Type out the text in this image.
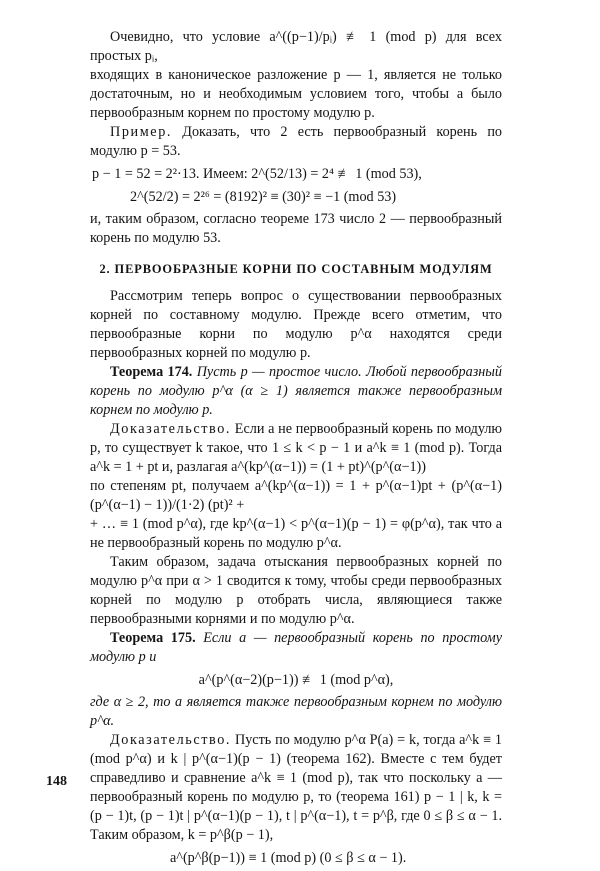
Очевидно, что условие a^((p−1)/pᵢ) ≢ 1 (mod p) для всех простых pᵢ,

входящих в каноническое разложение p — 1, является не только достаточным, но и необходимым условием того, чтобы a было первообразным корнем по простому модулю p.

Пример. Доказать, что 2 есть первообразный корень по модулю p = 53.

p − 1 = 52 = 2²·13. Имеем: 2^(52/13) = 2⁴ ≢ 1 (mod 53),
2^(52/2) = 2²⁶ = (8192)² ≡ (30)² ≡ −1 (mod 53)

и, таким образом, согласно теореме 173 число 2 — первообразный корень по модулю 53.

2. ПЕРВООБРАЗНЫЕ КОРНИ ПО СОСТАВНЫМ МОДУЛЯМ

Рассмотрим теперь вопрос о существовании первообразных корней по составному модулю. Прежде всего отметим, что первообразные корни по модулю p^α находятся среди первообразных корней по модулю p.

Теорема 174. Пусть p — простое число. Любой первообразный корень по модулю p^α (α ≥ 1) является также первообразным корнем по модулю p.

Доказательство. Если a не первообразный корень по модулю p, то существует k такое, что 1 ≤ k < p − 1 и a^k ≡ 1 (mod p). Тогда a^k = 1 + pt и, разлагая a^(kp^(α−1)) = (1 + pt)^(p^(α−1))

по степеням pt, получаем a^(kp^(α−1)) = 1 + p^(α−1)pt + (p^(α−1)(p^(α−1) − 1))/(1·2) (pt)² +

+ … ≡ 1 (mod p^α), где kp^(α−1) < p^(α−1)(p − 1) = φ(p^α), так что a не первообразный корень по модулю p^α.

Таким образом, задача отыскания первообразных корней по модулю p^α при α > 1 сводится к тому, чтобы среди первообразных корней по модулю p отобрать числа, являющиеся также первообразными корнями и по модулю p^α.

Теорема 175. Если a — первообразный корень по простому модулю p и

a^(p^(α−2)(p−1)) ≢ 1 (mod p^α),

где α ≥ 2, то a является также первообразным корнем по модулю p^α.

Доказательство. Пусть по модулю p^α P(a) = k, тогда a^k ≡ 1 (mod p^α) и k | p^(α−1)(p − 1) (теорема 162). Вместе с тем будет справедливо и сравнение a^k ≡ 1 (mod p), так что поскольку a — первообразный корень по модулю p, то (теорема 161) p − 1 | k, k = (p − 1)t, (p − 1)t | p^(α−1)(p − 1), t | p^(α−1), t = p^β, где 0 ≤ β ≤ α − 1. Таким образом, k = p^β(p − 1),

a^(p^β(p−1)) ≡ 1 (mod p) (0 ≤ β ≤ α − 1).
148
